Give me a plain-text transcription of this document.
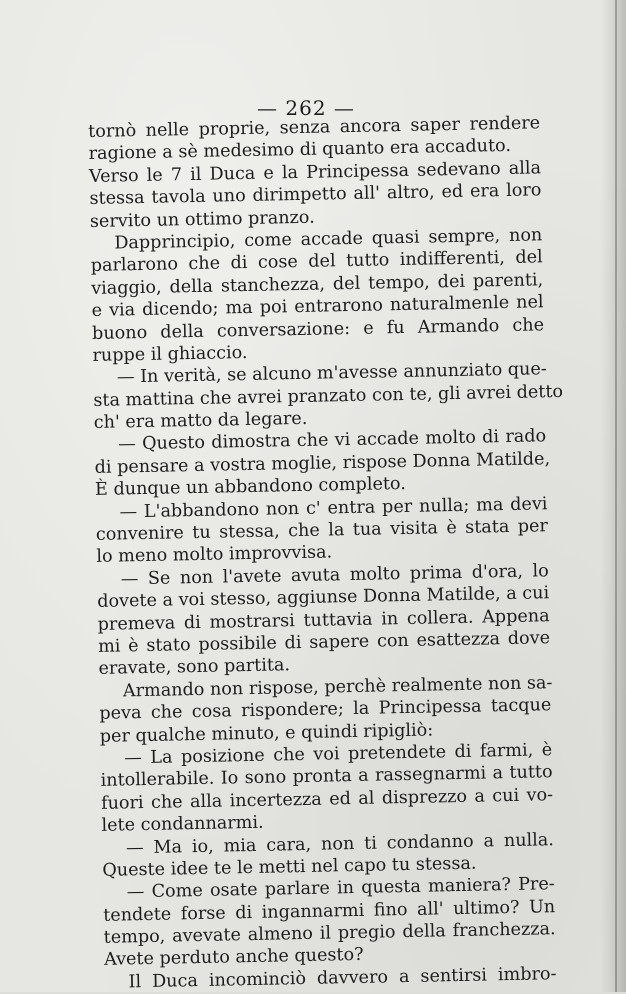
— 262 —
tornò nelle proprie, senza ancora saper rendere
ragione a sè medesimo di quanto era accaduto.
Verso le 7 il Duca e la Principessa sedevano alla
stessa tavola uno dirimpetto all' altro, ed era loro
servito un ottimo pranzo.
Dapprincipio, come accade quasi sempre, non
parlarono che di cose del tutto indifferenti, del
viaggio, della stanchezza, del tempo, dei parenti,
e via dicendo; ma poi entrarono naturalmenle nel
buono della conversazione: e fu Armando che
ruppe il ghiaccio.
— In verità, se alcuno m'avesse annunziato que-
sta mattina che avrei pranzato con te, gli avrei detto
ch' era matto da legare.
— Questo dimostra che vi accade molto di rado
di pensare a vostra moglie, rispose Donna Matilde,
È dunque un abbandono completo.
— L'abbandono non c' entra per nulla; ma devi
convenire tu stessa, che la tua visita è stata per
lo meno molto improvvisa.
— Se non l'avete avuta molto prima d'ora, lo
dovete a voi stesso, aggiunse Donna Matilde, a cui
premeva di mostrarsi tuttavia in collera. Appena
mi è stato possibile di sapere con esattezza dove
eravate, sono partita.
Armando non rispose, perchè realmente non sa-
peva che cosa rispondere; la Principessa tacque
per qualche minuto, e quindi ripigliò:
— La posizione che voi pretendete di farmi, è
intollerabile. Io sono pronta a rassegnarmi a tutto
fuori che alla incertezza ed al disprezzo a cui vo-
lete condannarmi.
— Ma io, mia cara, non ti condanno a nulla.
Queste idee te le metti nel capo tu stessa.
— Come osate parlare in questa maniera? Pre-
tendete forse di ingannarmi fino all' ultimo? Un
tempo, avevate almeno il pregio della franchezza.
Avete perduto anche questo?
Il Duca incominciò davvero a sentirsi imbro-
